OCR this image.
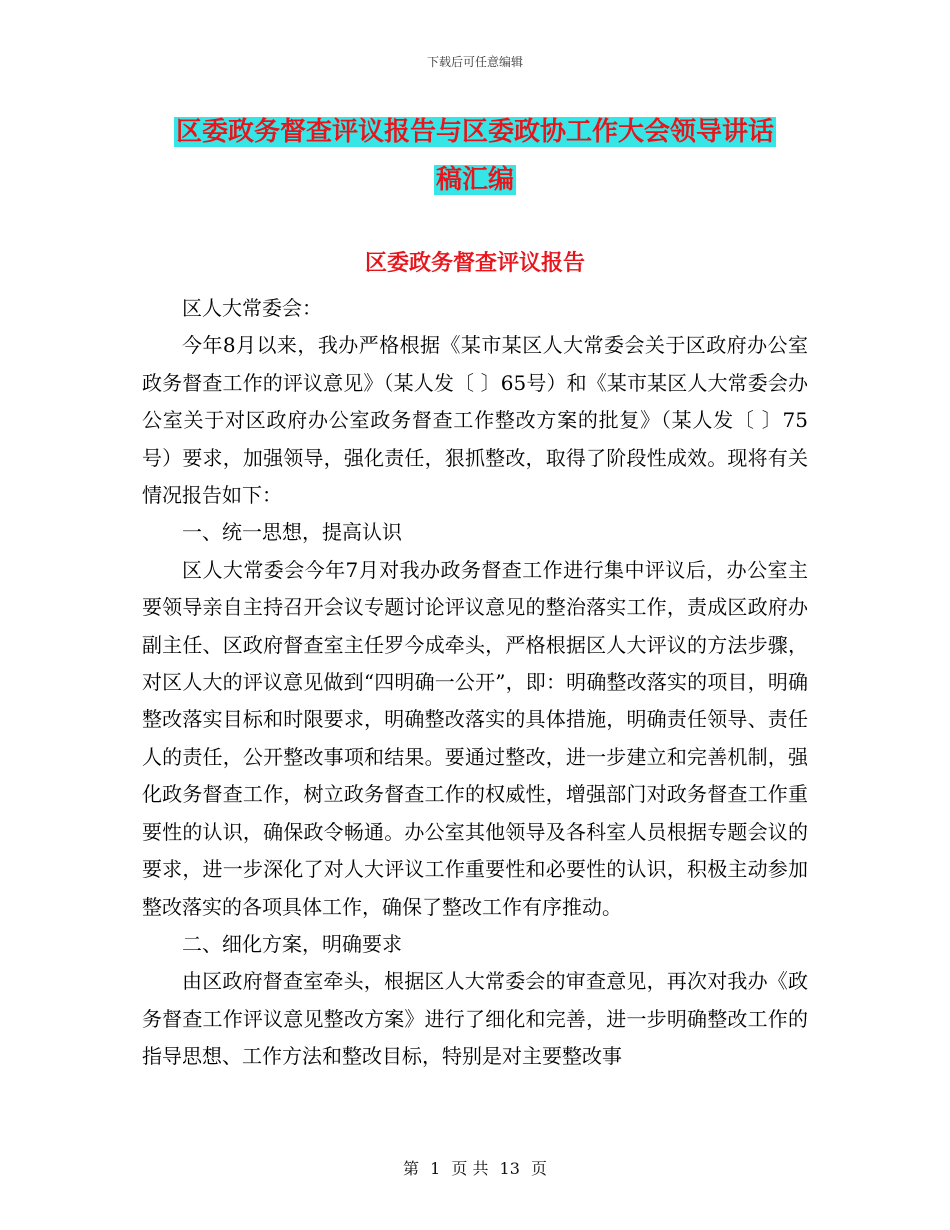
下载后可任意编辑
区委政务督查评议报告与区委政协工作大会领导讲话
稿汇编
区委政务督查评议报告

区人大常委会：

今年8月以来，我办严格根据《某市某区人大常委会关于区政府办公室政务督查工作的评议意见》（某人发〔 〕65号）和《某市某区人大常委会办公室关于对区政府办公室政务督查工作整改方案的批复》（某人发〔 〕75号）要求，加强领导，强化责任，狠抓整改，取得了阶段性成效。现将有关情况报告如下：

一、统一思想，提高认识

区人大常委会今年7月对我办政务督查工作进行集中评议后，办公室主要领导亲自主持召开会议专题讨论评议意见的整治落实工作，责成区政府办副主任、区政府督查室主任罗今成牵头，严格根据区人大评议的方法步骤，对区人大的评议意见做到“四明确一公开”，即：明确整改落实的项目，明确整改落实目标和时限要求，明确整改落实的具体措施，明确责任领导、责任人的责任，公开整改事项和结果。要通过整改，进一步建立和完善机制，强化政务督查工作，树立政务督查工作的权威性，增强部门对政务督查工作重要性的认识，确保政令畅通。办公室其他领导及各科室人员根据专题会议的要求，进一步深化了对人大评议工作重要性和必要性的认识，积极主动参加整改落实的各项具体工作，确保了整改工作有序推动。

二、细化方案，明确要求

由区政府督查室牵头，根据区人大常委会的审查意见，再次对我办《政务督查工作评议意见整改方案》进行了细化和完善，进一步明确整改工作的指导思想、工作方法和整改目标，特别是对主要整改事

第 1 页 共 13 页
